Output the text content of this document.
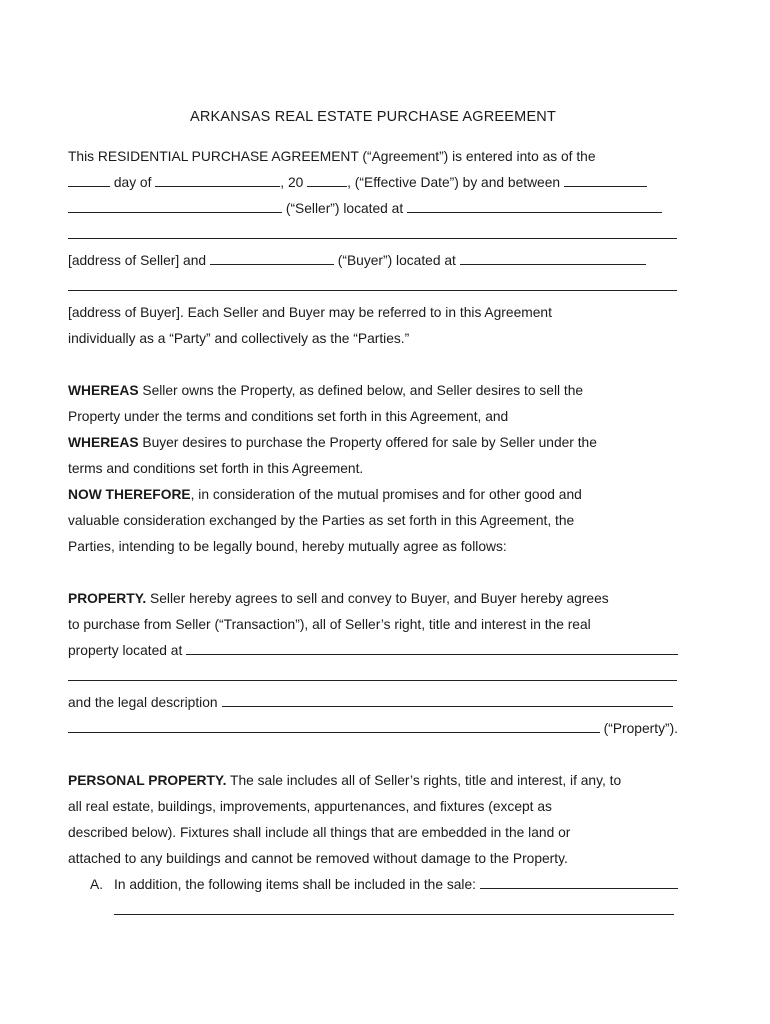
ARKANSAS REAL ESTATE PURCHASE AGREEMENT
This RESIDENTIAL PURCHASE AGREEMENT (“Agreement”) is entered into as of the
day of	, 20	, (“Effective Date”) by and between
(“Seller”) located at
[address of Seller] and	(“Buyer”) located at
[address of Buyer]. Each Seller and Buyer may be referred to in this Agreement
individually as a “Party” and collectively as the “Parties.”
WHEREAS Seller owns the Property, as defined below, and Seller desires to sell the
Property under the terms and conditions set forth in this Agreement, and
WHEREAS Buyer desires to purchase the Property offered for sale by Seller under the
terms and conditions set forth in this Agreement.
NOW THEREFORE, in consideration of the mutual promises and for other good and
valuable consideration exchanged by the Parties as set forth in this Agreement, the
Parties, intending to be legally bound, hereby mutually agree as follows:
PROPERTY. Seller hereby agrees to sell and convey to Buyer, and Buyer hereby agrees
to purchase from Seller (“Transaction”), all of Seller’s right, title and interest in the real
property located at
and the legal description
(“Property”).
PERSONAL PROPERTY. The sale includes all of Seller’s rights, title and interest, if any, to
all real estate, buildings, improvements, appurtenances, and fixtures (except as
described below). Fixtures shall include all things that are embedded in the land or
attached to any buildings and cannot be removed without damage to the Property.
A. In addition, the following items shall be included in the sale:
